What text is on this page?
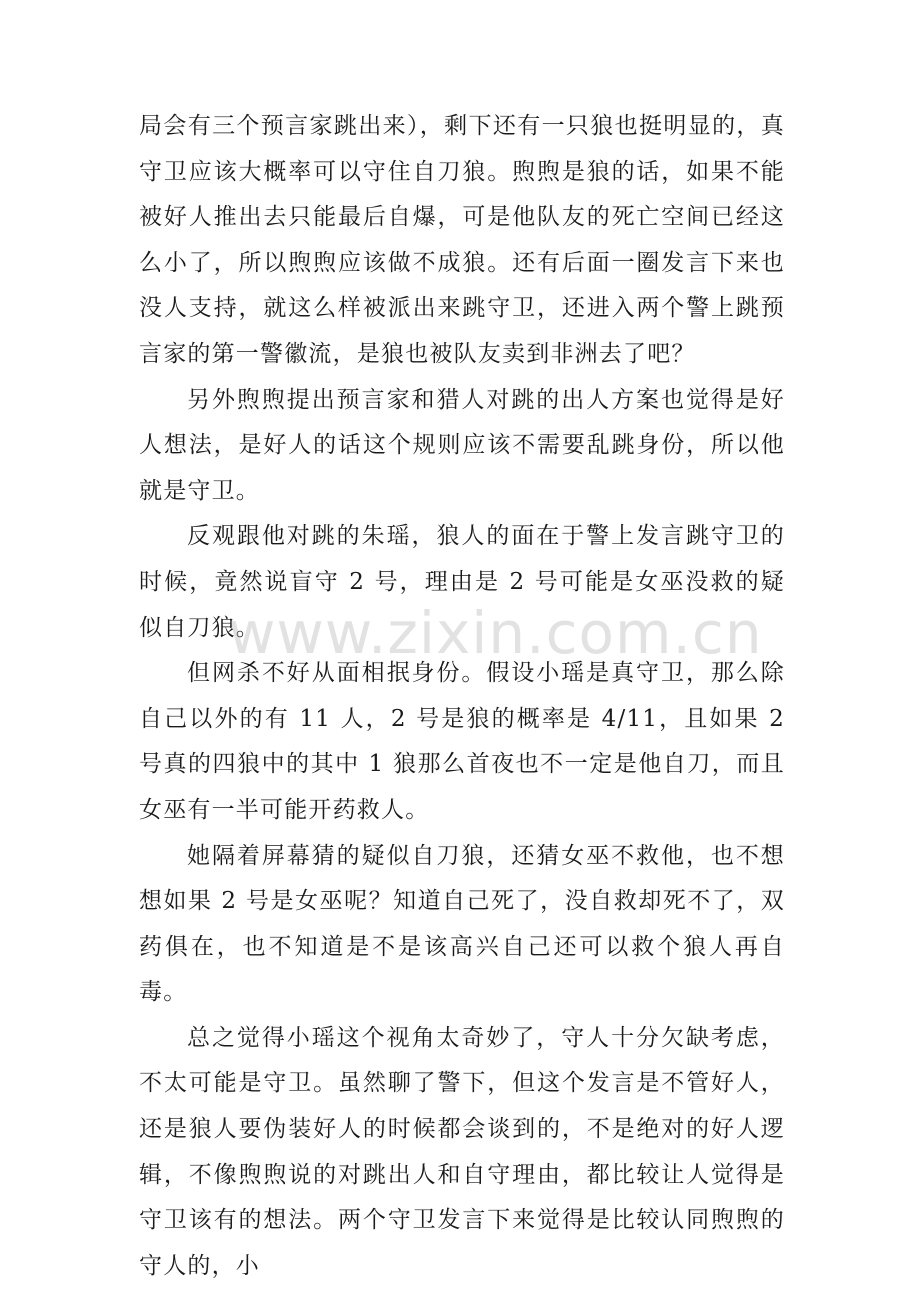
局会有三个预言家跳出来），剩下还有一只狼也挺明显的，真守卫应该大概率可以守住自刀狼。煦煦是狼的话，如果不能被好人推出去只能最后自爆，可是他队友的死亡空间已经这么小了，所以煦煦应该做不成狼。还有后面一圈发言下来也没人支持，就这么样被派出来跳守卫，还进入两个警上跳预言家的第一警徽流，是狼也被队友卖到非洲去了吧？

另外煦煦提出预言家和猎人对跳的出人方案也觉得是好人想法，是好人的话这个规则应该不需要乱跳身份，所以他就是守卫。

反观跟他对跳的朱瑶，狼人的面在于警上发言跳守卫的时候，竟然说盲守 2 号，理由是 2 号可能是女巫没救的疑似自刀狼。

但网杀不好从面相抿身份。假设小瑶是真守卫，那么除自己以外的有 11 人，2 号是狼的概率是 4/11，且如果 2 号真的四狼中的其中 1 狼那么首夜也不一定是他自刀，而且女巫有一半可能开药救人。

她隔着屏幕猜的疑似自刀狼，还猜女巫不救他，也不想想如果 2 号是女巫呢？知道自己死了，没自救却死不了，双药俱在，也不知道是不是该高兴自己还可以救个狼人再自毒。

总之觉得小瑶这个视角太奇妙了，守人十分欠缺考虑，不太可能是守卫。虽然聊了警下，但这个发言是不管好人，还是狼人要伪装好人的时候都会谈到的，不是绝对的好人逻辑，不像煦煦说的对跳出人和自守理由，都比较让人觉得是守卫该有的想法。两个守卫发言下来觉得是比较认同煦煦的守人的，小

www.zixin.com.cn
